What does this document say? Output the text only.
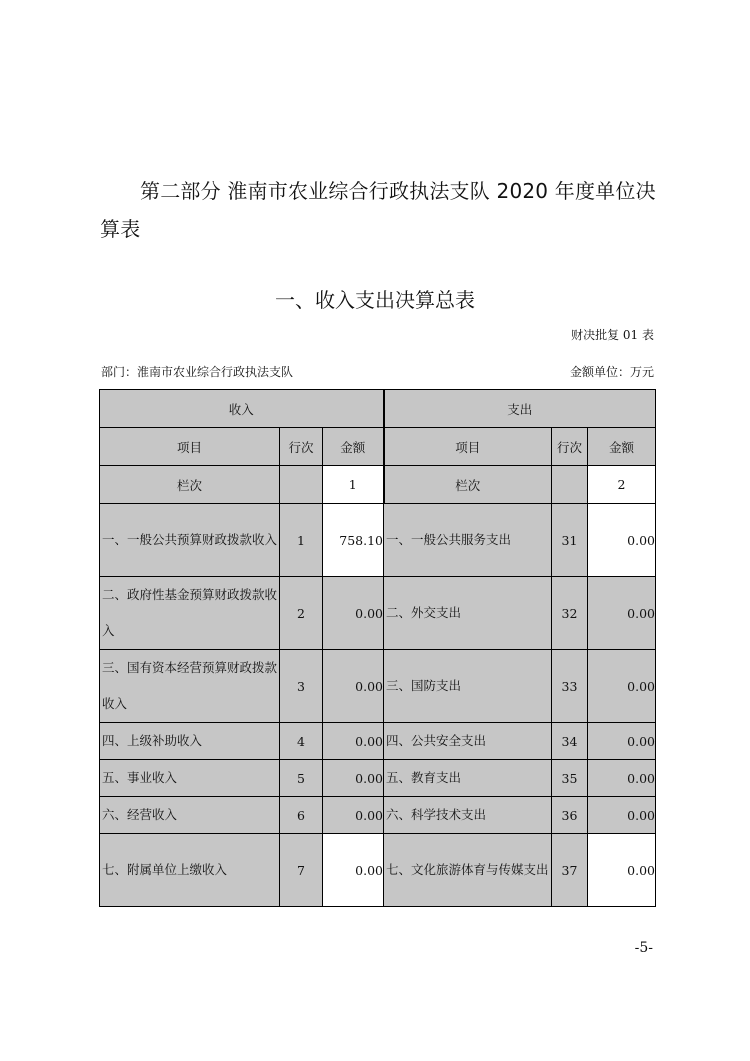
第二部分 淮南市农业综合行政执法支队 2020 年度单位决算表
一、收入支出决算总表
财决批复 01 表
部门：淮南市农业综合行政执法支队	金额单位：万元
收入			支出		
项目	行次	金额	项目	行次	金额
栏次		1	栏次		2
一、一般公共预算财政拨款收入	1	758.10	一、一般公共服务支出	31	0.00
二、政府性基金预算财政拨款收入	2	0.00	二、外交支出	32	0.00
三、国有资本经营预算财政拨款收入	3	0.00	三、国防支出	33	0.00
四、上级补助收入	4	0.00	四、公共安全支出	34	0.00
五、事业收入	5	0.00	五、教育支出	35	0.00
六、经营收入	6	0.00	六、科学技术支出	36	0.00
七、附属单位上缴收入	7	0.00	七、文化旅游体育与传媒支出	37	0.00
-5-
